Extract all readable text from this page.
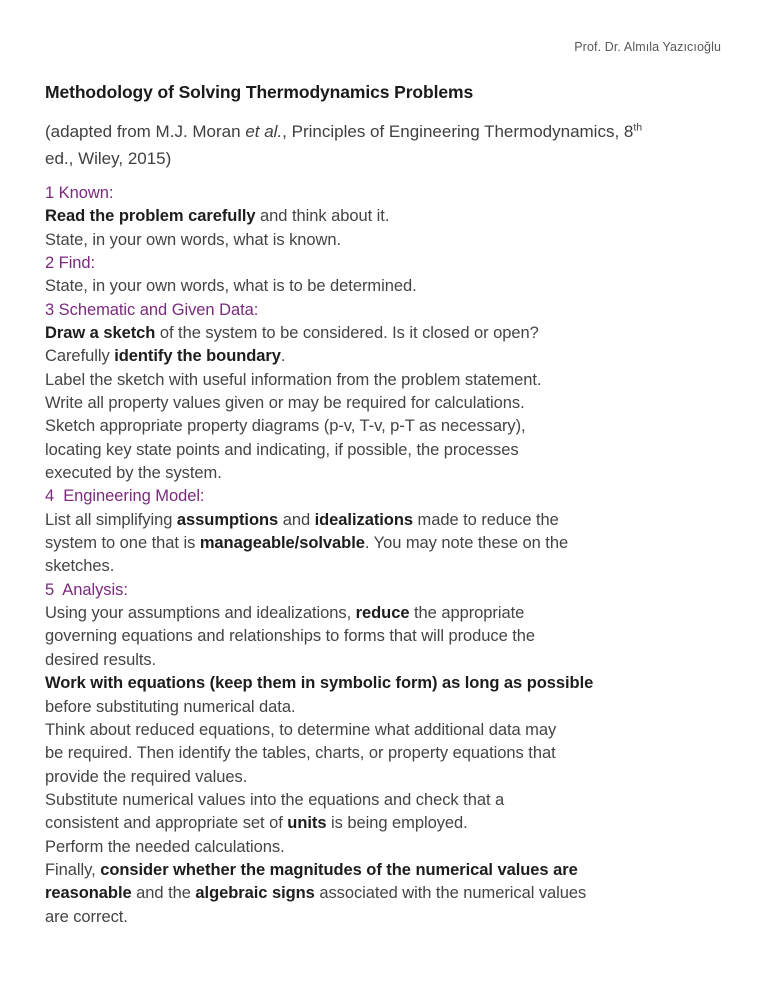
Prof. Dr. Almıla Yazıcıoğlu
Methodology of Solving Thermodynamics Problems

(adapted from M.J. Moran et al., Principles of Engineering Thermodynamics, 8th ed., Wiley, 2015)

1 Known:
Read the problem carefully and think about it.
State, in your own words, what is known.
2 Find:
State, in your own words, what is to be determined.
3 Schematic and Given Data:
Draw a sketch of the system to be considered. Is it closed or open?
Carefully identify the boundary.
Label the sketch with useful information from the problem statement.
Write all property values given or may be required for calculations.
Sketch appropriate property diagrams (p-v, T-v, p-T as necessary),
locating key state points and indicating, if possible, the processes
executed by the system.
4  Engineering Model:
List all simplifying assumptions and idealizations made to reduce the
system to one that is manageable/solvable. You may note these on the
sketches.
5  Analysis:
Using your assumptions and idealizations, reduce the appropriate
governing equations and relationships to forms that will produce the
desired results.
Work with equations (keep them in symbolic form) as long as possible
before substituting numerical data.
Think about reduced equations, to determine what additional data may
be required. Then identify the tables, charts, or property equations that
provide the required values.
Substitute numerical values into the equations and check that a
consistent and appropriate set of units is being employed.
Perform the needed calculations.
Finally, consider whether the magnitudes of the numerical values are
reasonable and the algebraic signs associated with the numerical values
are correct.
